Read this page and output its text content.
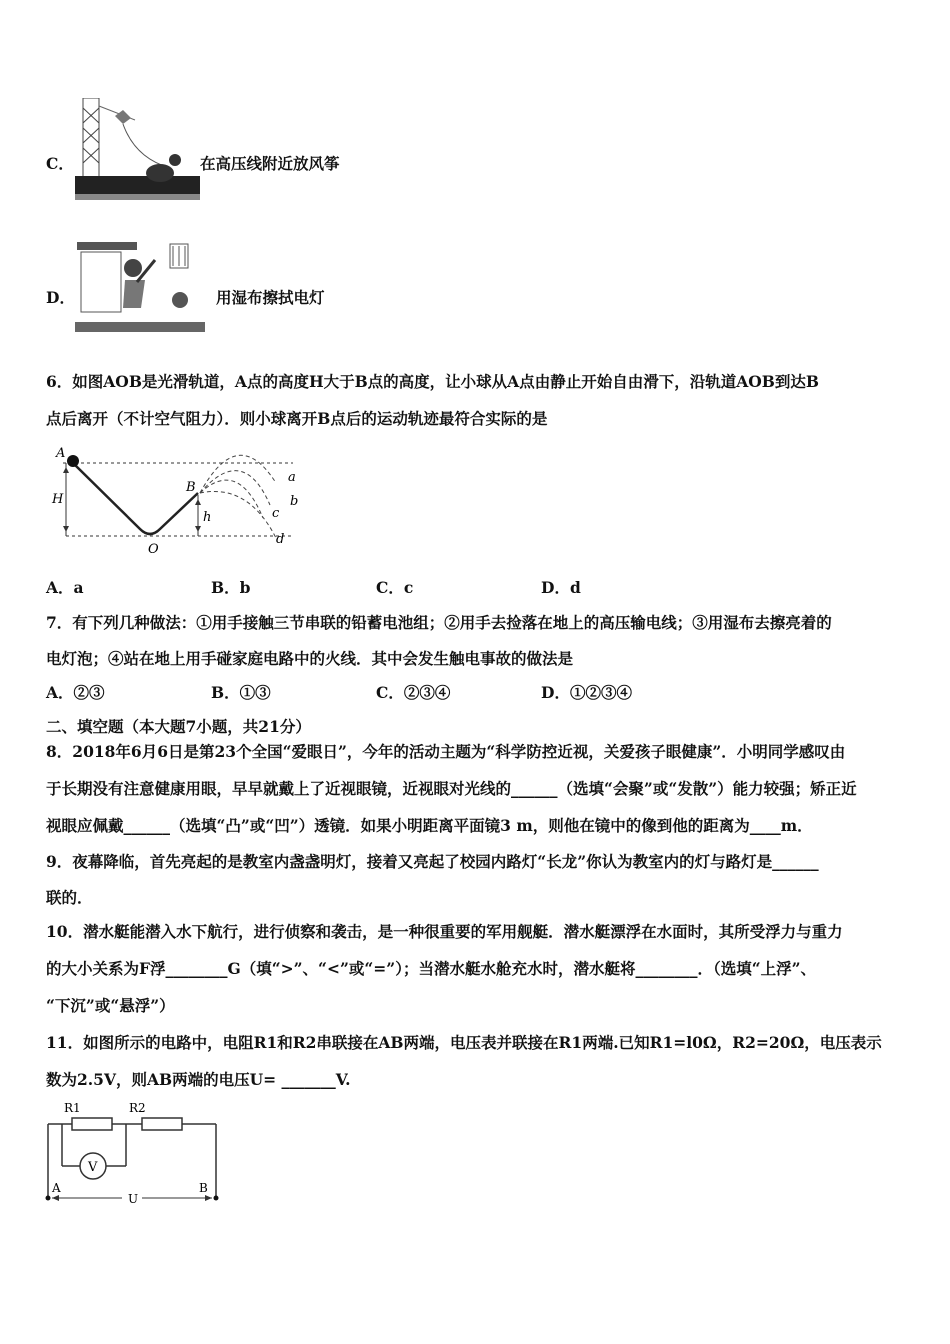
C．	在高压线附近放风筝
D．	用湿布擦拭电灯
6．如图AOB是光滑轨道，A点的高度H大于B点的高度，让小球从A点由静止开始自由滑下，沿轨道AOB到达B
点后离开（不计空气阻力）．则小球离开B点后的运动轨迹最符合实际的是
A
H
B
h
O
a
b
c
d
A．a	B．b	C．c	D．d
7．有下列几种做法：①用手接触三节串联的铅蓄电池组；②用手去捡落在地上的高压输电线；③用湿布去擦亮着的
电灯泡；④站在地上用手碰家庭电路中的火线．其中会发生触电事故的做法是
A．②③	B．①③	C．②③④	D．①②③④
二、填空题（本大题7小题，共21分）
8．2018年6月6日是第23个全国“爱眼日”，今年的活动主题为“科学防控近视，关爱孩子眼健康”．小明同学感叹由
于长期没有注意健康用眼，早早就戴上了近视眼镜，近视眼对光线的______（选填“会聚”或“发散”）能力较强；矫正近
视眼应佩戴______（选填“凸”或“凹”）透镜．如果小明距离平面镜3 m，则他在镜中的像到他的距离为____m．
9．夜幕降临，首先亮起的是教室内盏盏明灯，接着又亮起了校园内路灯“长龙”你认为教室内的灯与路灯是______
联的．
10．潜水艇能潜入水下航行，进行侦察和袭击，是一种很重要的军用舰艇．潜水艇漂浮在水面时，其所受浮力与重力
的大小关系为F浮________G（填“>”、“<”或“=”）；当潜水艇水舱充水时，潜水艇将________．（选填“上浮”、
“下沉”或“悬浮”）
11．如图所示的电路中，电阻R1和R2串联接在AB两端，电压表并联接在R1两端.已知R1=l0Ω，R2=20Ω，电压表示
数为2.5V，则AB两端的电压U= _______V.
R1	R2
V
A	B
U
